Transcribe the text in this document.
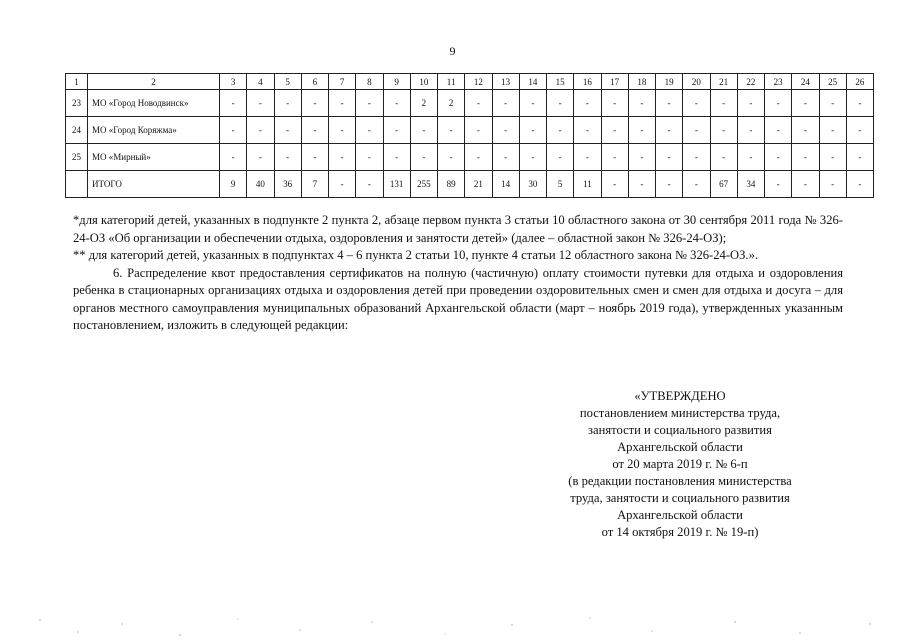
9
1	2	3	4	5	6	7	8	9	10	11	12	13	14	15	16	17	18	19	20	21	22	23	24	25	26
23	МО «Город Новодвинск»	-	-	-	-	-	-	-	2	2	-	-	-	-	-	-	-	-	-	-	-	-	-	-	-
24	МО «Город Коряжма»	-	-	-	-	-	-	-	-	-	-	-	-	-	-	-	-	-	-	-	-	-	-	-	-
25	МО «Мирный»	-	-	-	-	-	-	-	-	-	-	-	-	-	-	-	-	-	-	-	-	-	-	-	-
	ИТОГО	9	40	36	7	-	-	131	255	89	21	14	30	5	11	-	-	-	-	67	34	-	-	-	-

*для категорий детей, указанных в подпункте 2 пункта 2, абзаце первом пункта 3 статьи 10 областного закона от 30 сентября 2011 года № 326-24-ОЗ «Об организации и обеспечении отдыха, оздоровления и занятости детей» (далее – областной закон № 326-24-ОЗ);

** для категорий детей, указанных в подпунктах 4 – 6 пункта 2 статьи 10, пункте 4 статьи 12 областного закона № 326-24-ОЗ.».

6. Распределение квот предоставления сертификатов на полную (частичную) оплату стоимости путевки для отдыха и оздоровления ребенка в стационарных организациях отдыха и оздоровления детей при проведении оздоровительных смен и смен для отдыха и досуга – для органов местного самоуправления муниципальных образований Архангельской области (март – ноябрь 2019 года), утвержденных указанным постановлением, изложить в следующей редакции:

«УТВЕРЖДЕНО
постановлением министерства труда,
занятости и социального развития
Архангельской области
от 20 марта 2019 г. № 6-п
(в редакции постановления министерства
труда, занятости и социального развития
Архангельской области
от 14 октября 2019 г. № 19-п)
